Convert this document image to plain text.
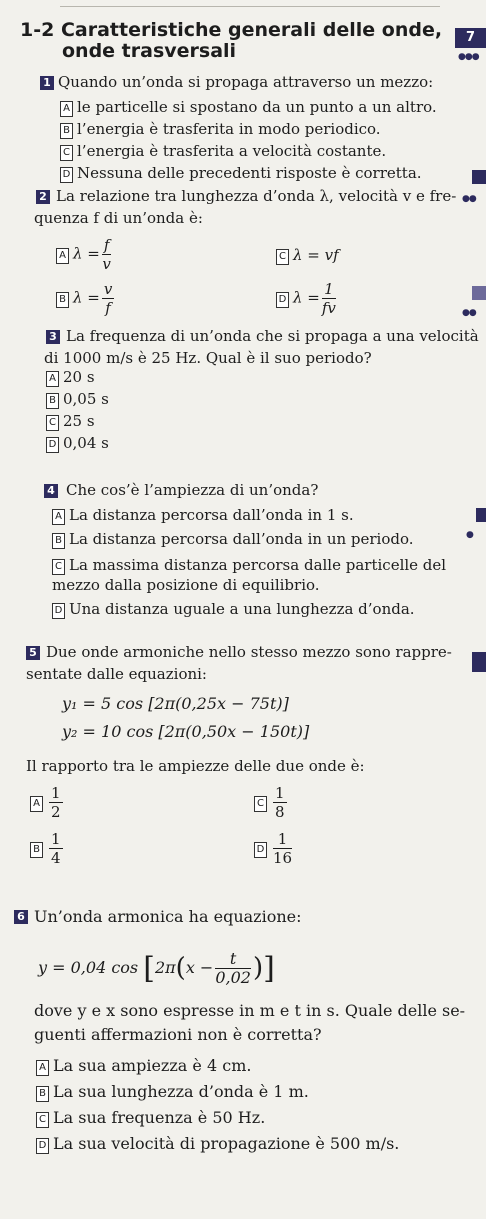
1-2 Caratteristiche generali delle onde,
onde trasversali
7
●●●
●●
●●
●
1 Quando un’onda si propaga attraverso un mezzo:
A le particelle si spostano da un punto a un altro.
B l’energia è trasferita in modo periodico.
C l’energia è trasferita a velocità costante.
D Nessuna delle precedenti risposte è corretta.
2 La relazione tra lunghezza d’onda λ, velocità v e fre-
quenza f di un’onda è:
A $\lambda = \frac{f}{v}$
B $\lambda = \frac{v}{f}$
C λ = vf
D $\lambda = \frac{1}{fv}$
3 La frequenza di un’onda che si propaga a una velocità
di 1000 m/s è 25 Hz. Qual è il suo periodo?
A 20 s
B 0,05 s
C 25 s
D 0,04 s
4 Che cos’è l’ampiezza di un’onda?
A La distanza percorsa dall’onda in 1 s.
B La distanza percorsa dall’onda in un periodo.
C La massima distanza percorsa dalle particelle del
mezzo dalla posizione di equilibrio.
D Una distanza uguale a una lunghezza d’onda.
5 Due onde armoniche nello stesso mezzo sono rappre-
sentate dalle equazioni:
y₁ = 5 cos [2π(0,25x − 75t)]
y₂ = 10 cos [2π(0,50x − 150t)]
Il rapporto tra le ampiezze delle due onde è:
A $\frac{1}{2}$
B $\frac{1}{4}$
C $\frac{1}{8}$
D $\frac{1}{16}$
6 Un’onda armonica ha equazione:
y = 0,04 $\cos [2\pi(x - \frac{t}{0,02}$ )]
dove y e x sono espresse in m e t in s. Quale delle se-
guenti affermazioni non è corretta?
A La sua ampiezza è 4 cm.
B La sua lunghezza d’onda è 1 m.
C La sua frequenza è 50 Hz.
D La sua velocità di propagazione è 500 m/s.
